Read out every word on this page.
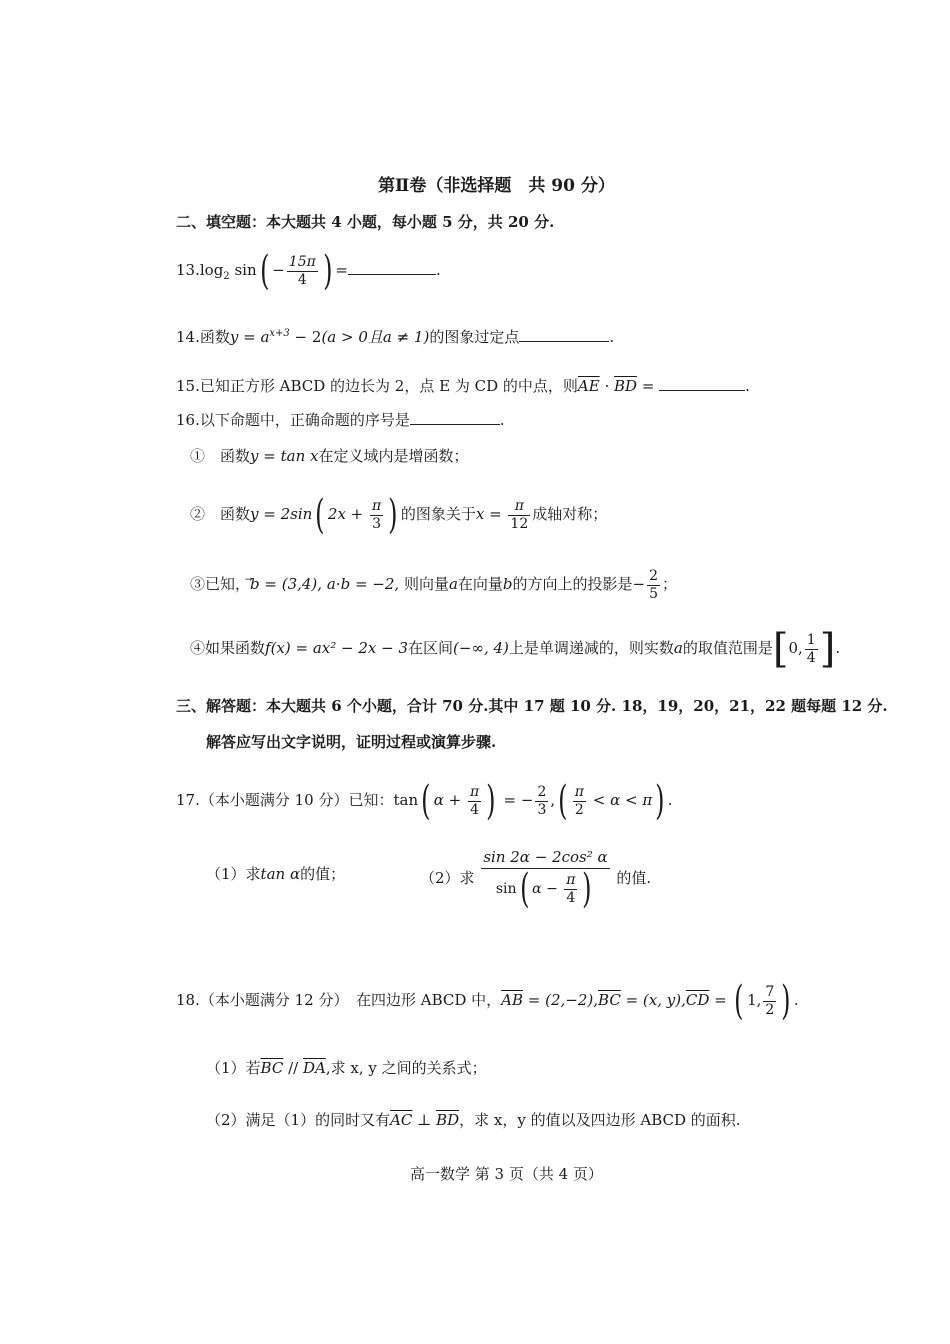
第Ⅱ卷（非选择题　共 90 分）
二、填空题：本大题共 4 小题，每小题 5 分，共 20 分.
$13.\log_2$ $\sin( - \frac{15\pi}{4}$ ) =	.
14.函数$y = a^{x+3} - 2(a > 0$且a ≠ 1)的图象过定点	.
15.已知正方形 ABCD 的边长为 2，点 E 为 CD 的中点，则$\overline{AE} \cdot \overline{BD}$ =	.
16.以下命题中，正确命题的序号是	.
①　函数y = tan x在定义域内是增函数；
②　函数y = 2sin( $2x + \frac{\pi}{3}$ ) 的图象关于$x = \frac{\pi}{12}$ 成轴对称；
③已知，b = (3,4), a·b = −2, 则向量a在向量b的方向上的投影是− $\frac{2}{5}$ ；
④如果函数f(x) = ax² − 2x − 3在区间(−∞, 4)上是单调递减的，则实数a的取值范围是[0, $\frac{1}{4}$ ].
三、解答题：本大题共 6 个小题，合计 70 分.其中 17 题 10 分. 18，19，20，21，22 题每题 12 分.
解答应写出文字说明，证明过程或演算步骤.
17.（本小题满分 10 分）已知：tan( $\alpha + \frac{\pi}{4}$ ) = − $\frac{2}{3}$ ,( $\frac{\pi}{2} < \alpha < \pi$) .
（1）求tan α的值；	（2）求 $\frac{\text{sin 2α − 2cos² α}}{\sin( \alpha - \frac{\pi}{4} )}$ 的值.
18.（本小题满分 12 分）　在四边形 ABCD 中，$\overline{AB} = (2,-2),\overline{BC} = (x$, $y),\overline{CD}$ = ( 1, $\frac{7}{2}$ ) .
（1）若$\overline{BC} // \overline{DA}$,求 x, y 之间的关系式；
（2）满足（1）的同时又有$\overline{AC}$ ⊥ $\overline{BD}$，求 x，y 的值以及四边形 ABCD 的面积.
高一数学 第 3 页（共 4 页）
